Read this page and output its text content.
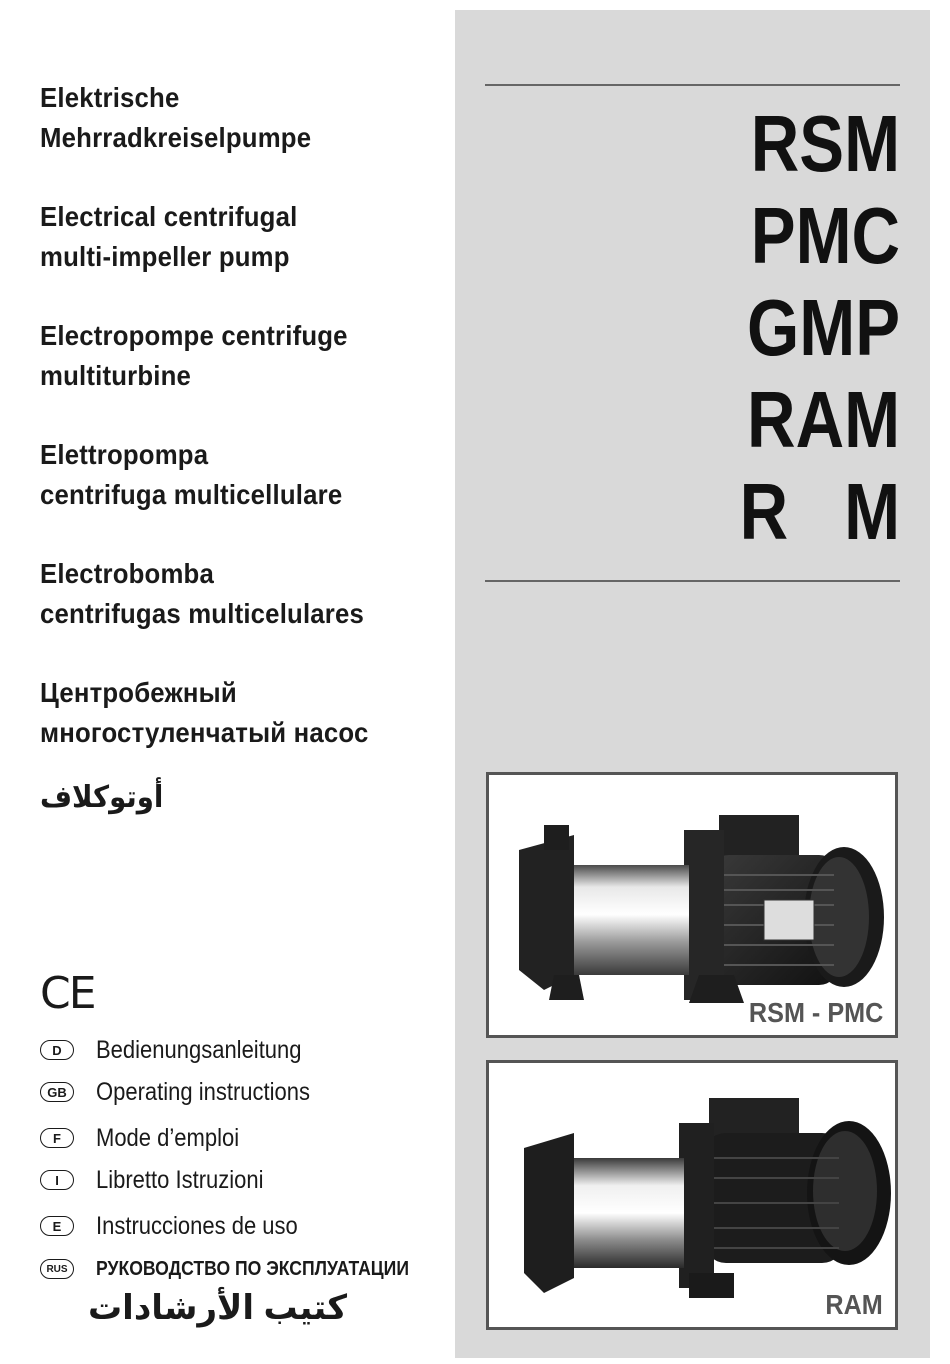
Elektrische
Mehrradkreiselpumpe
Electrical centrifugal
multi-impeller pump
Electropompe centrifuge
multiturbine
Elettropompa
centrifuga multicellulare
Electrobomba
centrifugas multicelulares
Центробежный
многостуленчатый насос
أوتوكلاف
CE
D	Bedienungsanleitung
GB Operating instructions
F	Mode d’emploi
I	Libretto Istruzioni
E	Instrucciones de uso
RUS	РУКОВОДСТВО ПО ЭКСПЛУАТАЦИИ
كتيب الأرشادات
RSM
PMC
GMP
RAM
R   M
RSM - PMC
RAM
